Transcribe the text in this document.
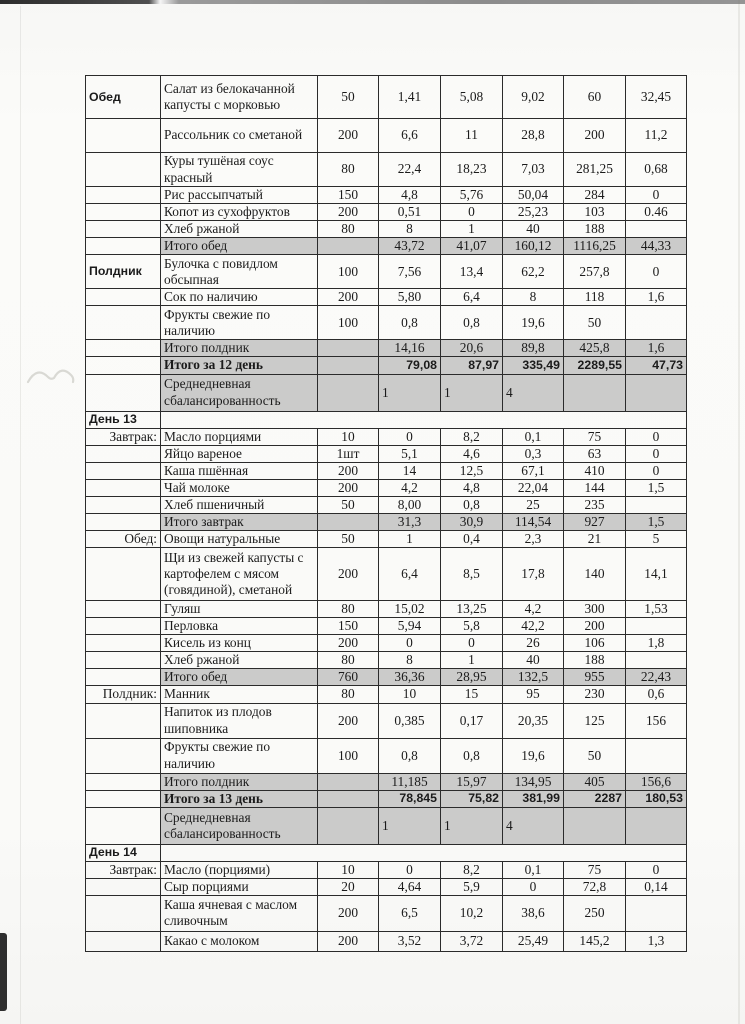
Обед	Салат из белокачанной капусты с морковью	50	1,41	5,08	9,02	60	32,45
	Рассольник со сметаной	200	6,6	11	28,8	200	11,2
	Куры тушёная соус красный	80	22,4	18,23	7,03	281,25	0,68
	Рис рассыпчатый	150	4,8	5,76	50,04	284	0
	Копот из сухофруктов	200	0,51	0	25,23	103	0.46
	Хлеб ржаной	80	8	1	40	188	
	Итого обед		43,72	41,07	160,12	1116,25	44,33
Полдник	Булочка с повидлом обсыпная	100	7,56	13,4	62,2	257,8	0
	Сок по наличию	200	5,80	6,4	8	118	1,6
	Фрукты свежие по наличию	100	0,8	0,8	19,6	50	
	Итого полдник		14,16	20,6	89,8	425,8	1,6
	Итого за 12 день		79,08	87,97	335,49	2289,55	47,73
	Среднедневная сбалансированность		1	1	4		
День 13							
Завтрак:	Масло порциями	10	0	8,2	0,1	75	0
	Яйцо вареное	1шт	5,1	4,6	0,3	63	0
	Каша пшённая	200	14	12,5	67,1	410	0
	Чай молоке	200	4,2	4,8	22,04	144	1,5
	Хлеб пшеничный	50	8,00	0,8	25	235	
	Итого завтрак		31,3	30,9	114,54	927	1,5
Обед:	Овощи натуральные	50	1	0,4	2,3	21	5
	Щи из свежей капусты с картофелем с мясом (говядиной), сметаной	200	6,4	8,5	17,8	140	14,1
	Гуляш	80	15,02	13,25	4,2	300	1,53
	Перловка	150	5,94	5,8	42,2	200	
	Кисель из конц	200	0	0	26	106	1,8
	Хлеб ржаной	80	8	1	40	188	
	Итого обед	760	36,36	28,95	132,5	955	22,43
Полдник:	Манник	80	10	15	95	230	0,6
	Напиток из плодов шиповника	200	0,385	0,17	20,35	125	156
	Фрукты свежие по наличию	100	0,8	0,8	19,6	50	
	Итого полдник		11,185	15,97	134,95	405	156,6
	Итого за 13 день		78,845	75,82	381,99	2287	180,53
	Среднедневная сбалансированность		1	1	4		
День 14							
Завтрак:	Масло (порциями)	10	0	8,2	0,1	75	0
	Сыр порциями	20	4,64	5,9	0	72,8	0,14
	Каша ячневая с маслом сливочным	200	6,5	10,2	38,6	250	
	Какао с молоком	200	3,52	3,72	25,49	145,2	1,3
